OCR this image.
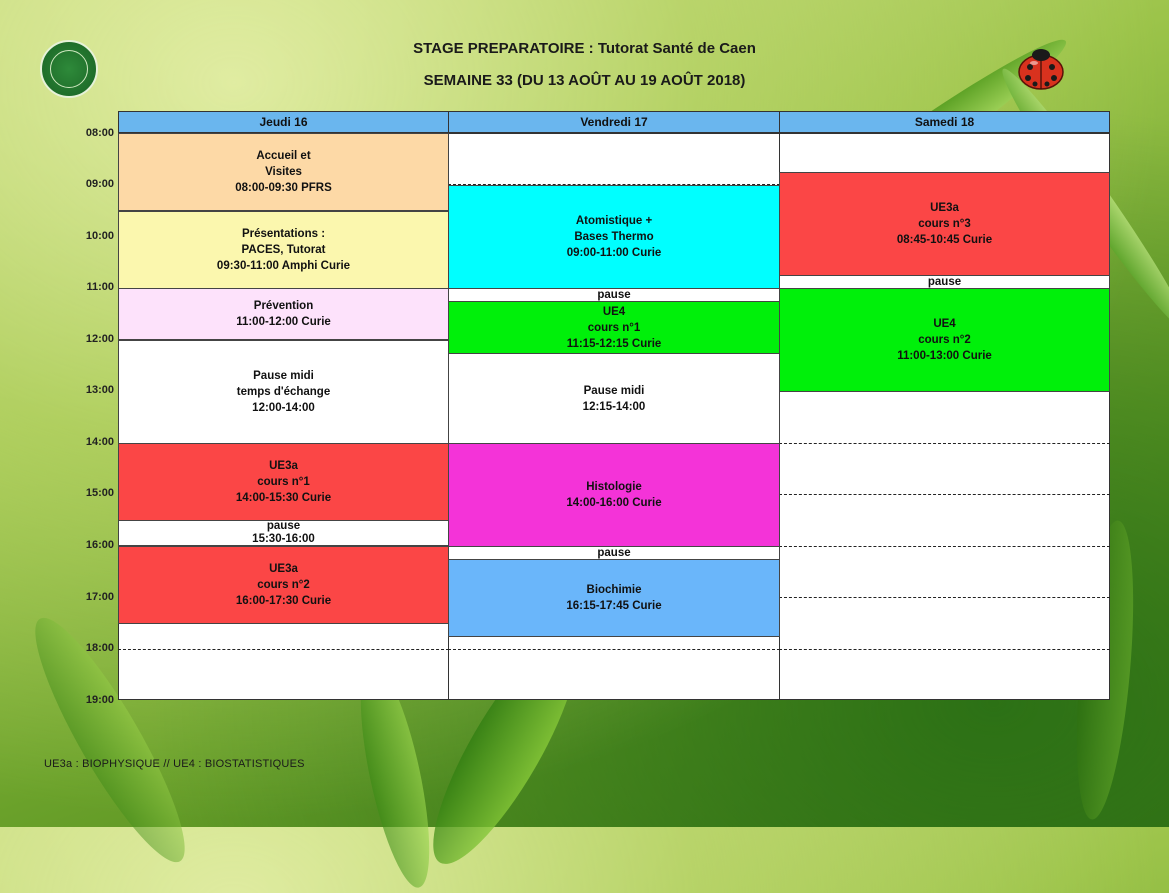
STAGE PREPARATOIRE : Tutorat Santé de Caen
SEMAINE 33 (DU 13 AOÛT AU 19 AOÛT 2018)
08:00
09:00
10:00
11:00
12:00
13:00
14:00
15:00
16:00
17:00
18:00
19:00
Jeudi 16	Vendredi 17	Samedi 18
Accueil et
Visites
08:00-09:30 PFRS
Présentations :
PACES, Tutorat
09:30-11:00 Amphi Curie
Prévention
11:00-12:00 Curie
Pause midi
temps d'échange
12:00-14:00
UE3a
cours n°1
14:00-15:30 Curie
pause
15:30-16:00
UE3a
cours n°2
16:00-17:30 Curie
Atomistique +
Bases Thermo
09:00-11:00 Curie
pause
UE4
cours n°1
11:15-12:15 Curie
Pause midi
12:15-14:00
Histologie
14:00-16:00 Curie
pause
Biochimie
16:15-17:45 Curie
UE3a
cours n°3
08:45-10:45 Curie
pause
UE4
cours n°2
11:00-13:00 Curie
UE3a : BIOPHYSIQUE // UE4 : BIOSTATISTIQUES
